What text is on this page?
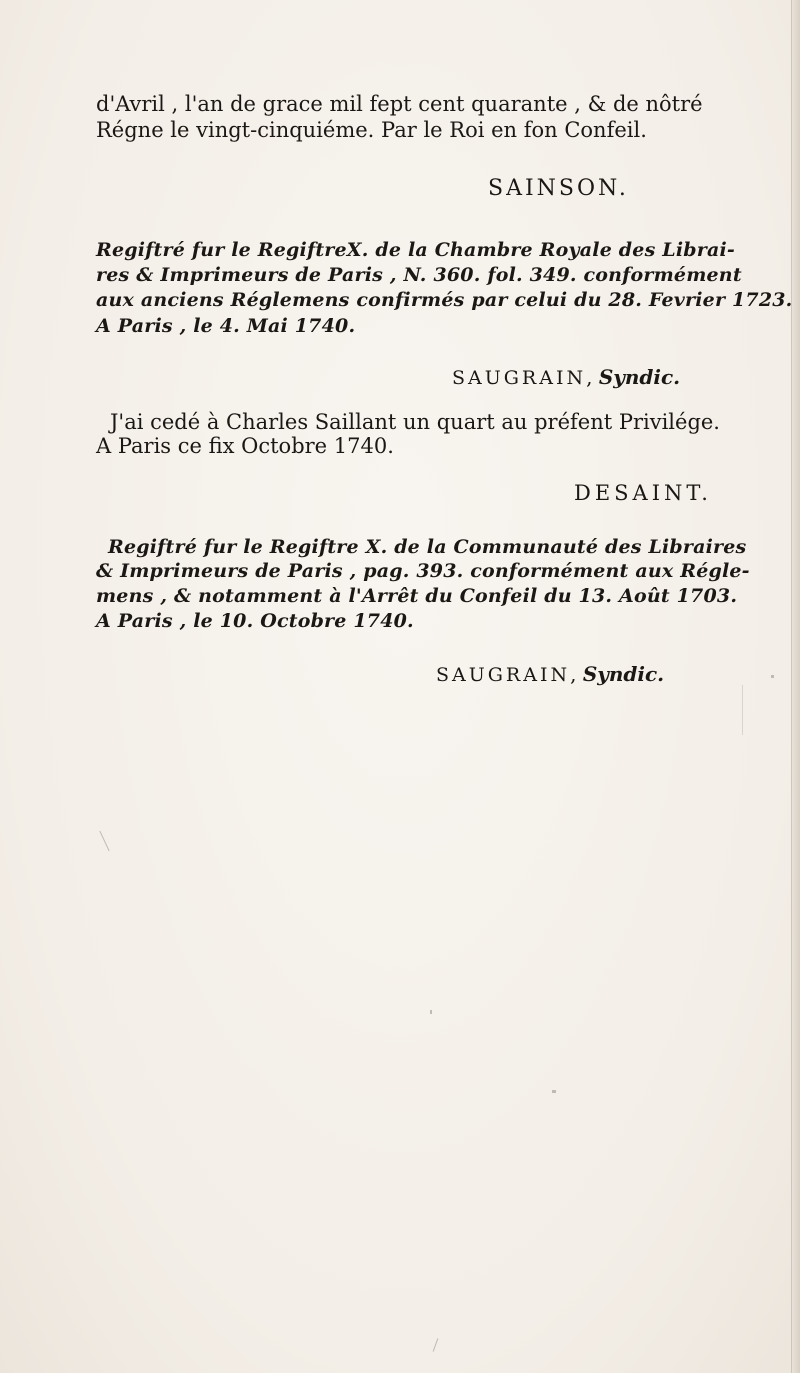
d'Avril , l'an de grace mil fept cent quarante , & de nôtré
Régne le vingt-cinquiéme. Par le Roi en fon Confeil.
SAINSON.
Regiftré fur le RegiftreX. de la Chambre Royale des Librai-
res & Imprimeurs de Paris , N. 360. fol. 349. conformément
aux anciens Réglemens confirmés par celui du 28. Fevrier 1723.
A Paris , le 4. Mai 1740.
SAUGRAIN, Syndic.
J'ai cedé à Charles Saillant un quart au préfent Privilége.
A Paris ce fix Octobre 1740.
DESAINT.
Regiftré fur le Regiftre X. de la Communauté des Libraires
& Imprimeurs de Paris , pag. 393. conformément aux Régle-
mens , & notamment à l'Arrêt du Confeil du 13. Août 1703.
A Paris , le 10. Octobre 1740.
SAUGRAIN, Syndic.
